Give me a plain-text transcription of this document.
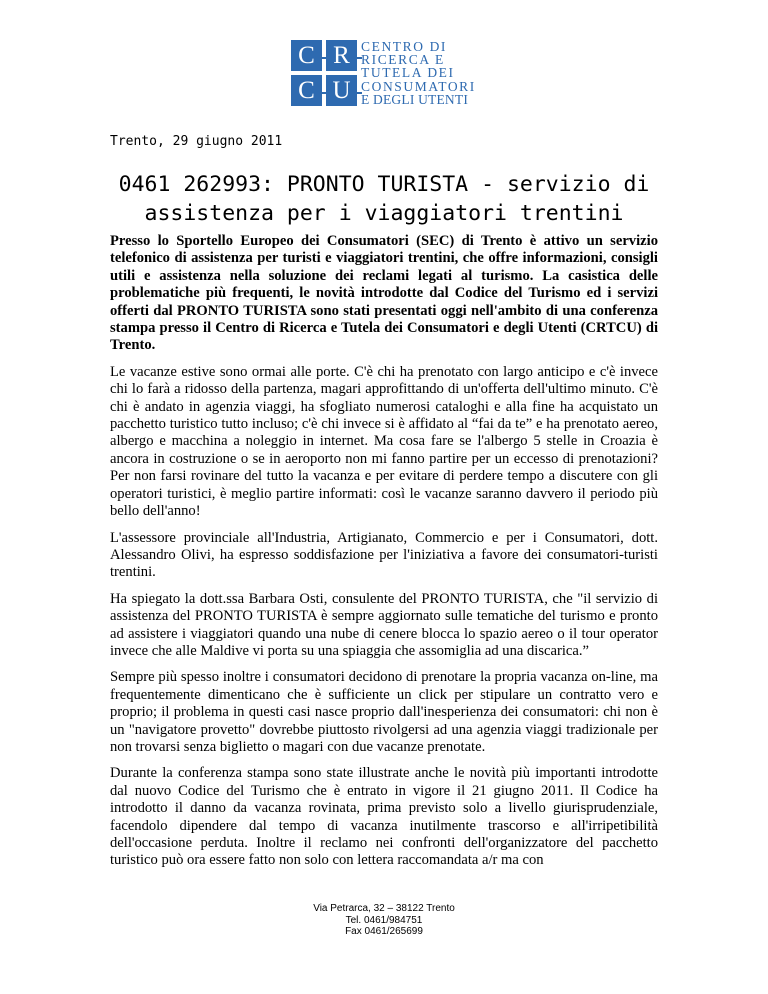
C R
C U
CENTRO DI
RICERCA E
TUTELA DEI
CONSUMATORI
E DEGLI UTENTI
Trento, 29 giugno 2011
0461 262993: PRONTO TURISTA - servizio di assistenza per i viaggiatori trentini

Presso lo Sportello Europeo dei Consumatori (SEC) di Trento è attivo un servizio telefonico di assistenza per turisti e viaggiatori trentini, che offre informazioni, consigli utili e assistenza nella soluzione dei reclami legati al turismo. La casistica delle problematiche più frequenti, le novità introdotte dal Codice del Turismo ed i servizi offerti dal PRONTO TURISTA sono stati presentati oggi nell'ambito di una conferenza stampa presso il Centro di Ricerca e Tutela dei Consumatori e degli Utenti (CRTCU) di Trento.

Le vacanze estive sono ormai alle porte. C'è chi ha prenotato con largo anticipo e c'è invece chi lo farà a ridosso della partenza, magari approfittando di un'offerta dell'ultimo minuto. C'è chi è andato in agenzia viaggi, ha sfogliato numerosi cataloghi e alla fine ha acquistato un pacchetto turistico tutto incluso; c'è chi invece si è affidato al “fai da te” e ha prenotato aereo, albergo e macchina a noleggio in internet. Ma cosa fare se l'albergo 5 stelle in Croazia è ancora in costruzione o se in aeroporto non mi fanno partire per un eccesso di prenotazioni? Per non farsi rovinare del tutto la vacanza e per evitare di perdere tempo a discutere con gli operatori turistici, è meglio partire informati: così le vacanze saranno davvero il periodo più bello dell'anno!

L'assessore provinciale all'Industria, Artigianato, Commercio e per i Consumatori, dott. Alessandro Olivi, ha espresso soddisfazione per l'iniziativa a favore dei consumatori-turisti trentini.

Ha spiegato la dott.ssa Barbara Osti, consulente del PRONTO TURISTA, che "il servizio di assistenza del PRONTO TURISTA è sempre aggiornato sulle tematiche del turismo e pronto ad assistere i viaggiatori quando una nube di cenere blocca lo spazio aereo o il tour operator invece che alle Maldive vi porta su una spiaggia che assomiglia ad una discarica.”

Sempre più spesso inoltre i consumatori decidono di prenotare la propria vacanza on-line, ma frequentemente dimenticano che è sufficiente un click per stipulare un contratto vero e proprio; il problema in questi casi nasce proprio dall'inesperienza dei consumatori: chi non è un "navigatore provetto" dovrebbe piuttosto rivolgersi ad una agenzia viaggi tradizionale per non trovarsi senza biglietto o magari con due vacanze prenotate.

Durante la conferenza stampa sono state illustrate anche le novità più importanti introdotte dal nuovo Codice del Turismo che è entrato in vigore il 21 giugno 2011. Il Codice ha introdotto il danno da vacanza rovinata, prima previsto solo a livello giurisprudenziale, facendolo dipendere dal tempo di vacanza inutilmente trascorso e all'irripetibilità dell'occasione perduta. Inoltre il reclamo nei confronti dell'organizzatore del pacchetto turistico può ora essere fatto non solo con lettera raccomandata a/r ma con

Via Petrarca, 32 – 38122 Trento
Tel. 0461/984751
Fax 0461/265699
